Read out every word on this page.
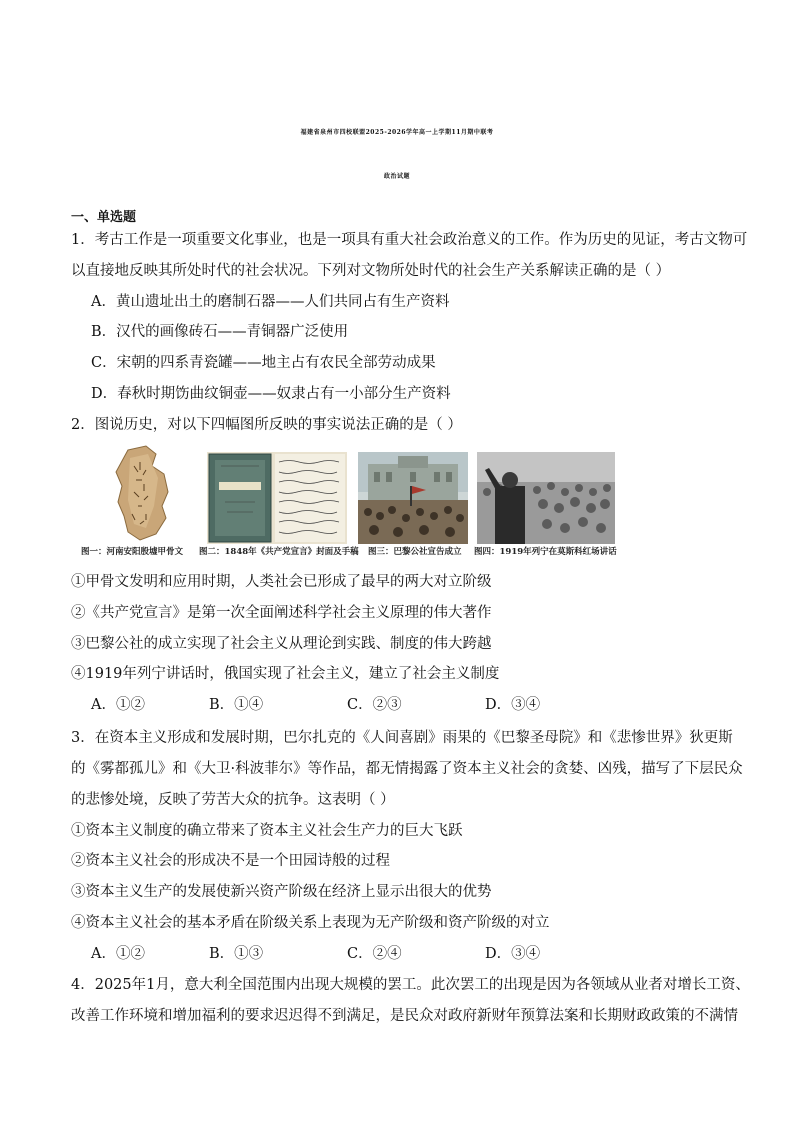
福建省泉州市四校联盟2025-2026学年高一上学期11月期中联考
政治试题
一、单选题
1．考古工作是一项重要文化事业，也是一项具有重大社会政治意义的工作。作为历史的见证，考古文物可
以直接地反映其所处时代的社会状况。下列对文物所处时代的社会生产关系解读正确的是（ ）
A．黄山遗址出土的磨制石器——人们共同占有生产资料
B．汉代的画像砖石——青铜器广泛使用
C．宋朝的四系青瓷罐——地主占有农民全部劳动成果
D．春秋时期饬曲纹铜壶——奴隶占有一小部分生产资料
2．图说历史，对以下四幅图所反映的事实说法正确的是（ ）
图一：河南安阳殷墟甲骨文 图二：1848年《共产党宣言》封面及手稿 图三：巴黎公社宣告成立 图四：1919年列宁在莫斯科红场讲话
①甲骨文发明和应用时期，人类社会已形成了最早的两大对立阶级
②《共产党宣言》是第一次全面阐述科学社会主义原理的伟大著作
③巴黎公社的成立实现了社会主义从理论到实践、制度的伟大跨越
④1919年列宁讲话时，俄国实现了社会主义，建立了社会主义制度
A．①②	B．①④	C．②③	D．③④
3．在资本主义形成和发展时期，巴尔扎克的《人间喜剧》雨果的《巴黎圣母院》和《悲惨世界》狄更斯
的《雾都孤儿》和《大卫·科波菲尔》等作品，都无情揭露了资本主义社会的贪婪、凶残，描写了下层民众
的悲惨处境，反映了劳苦大众的抗争。这表明（ ）
①资本主义制度的确立带来了资本主义社会生产力的巨大飞跃
②资本主义社会的形成决不是一个田园诗般的过程
③资本主义生产的发展使新兴资产阶级在经济上显示出很大的优势
④资本主义社会的基本矛盾在阶级关系上表现为无产阶级和资产阶级的对立
A．①②	B．①③	C．②④	D．③④
4．2025年1月，意大利全国范围内出现大规模的罢工。此次罢工的出现是因为各领域从业者对增长工资、
改善工作环境和增加福利的要求迟迟得不到满足，是民众对政府新财年预算法案和长期财政政策的不满情
